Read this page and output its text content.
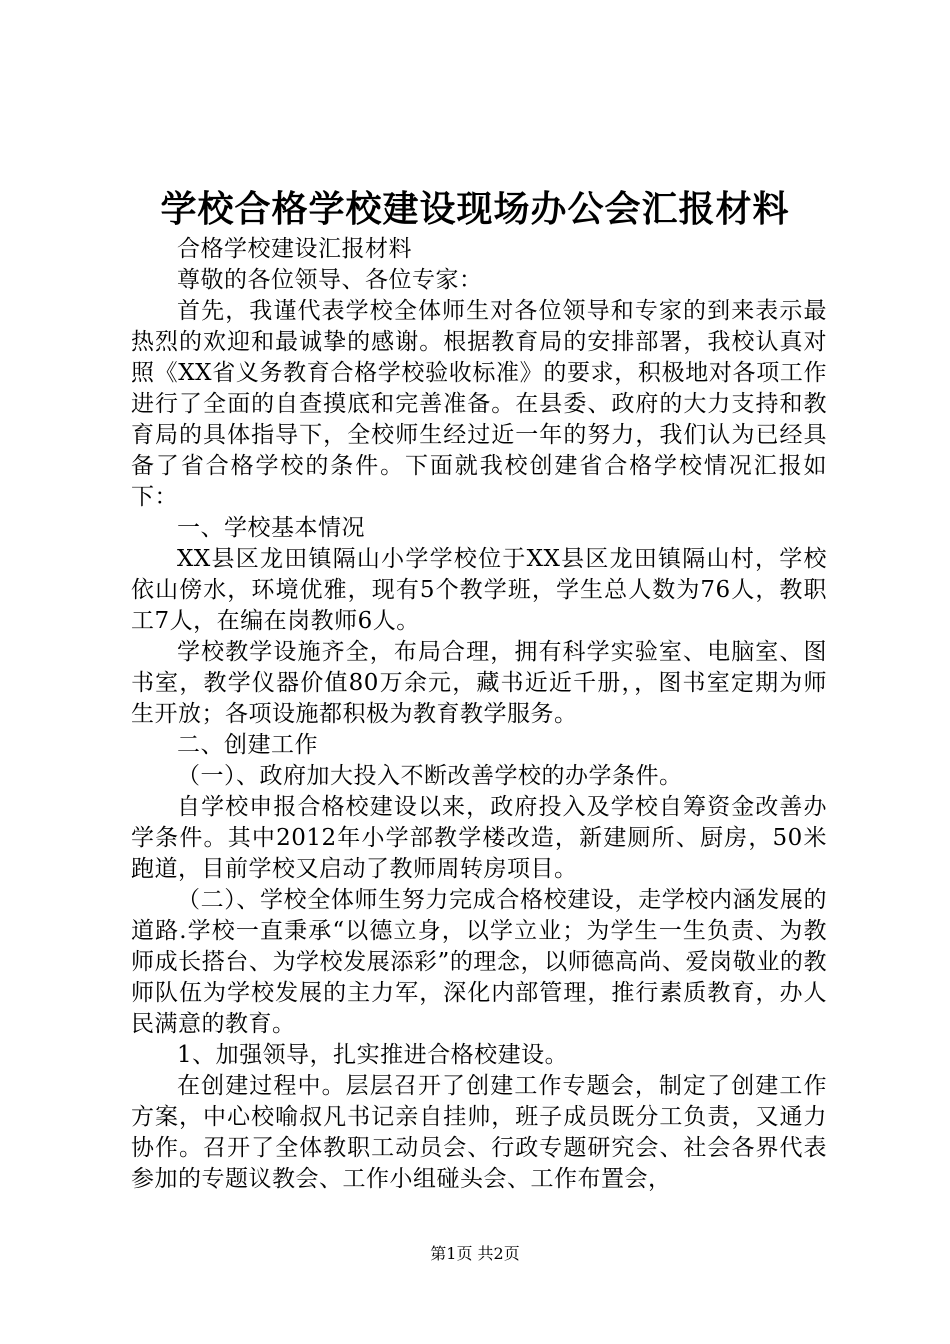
学校合格学校建设现场办公会汇报材料

合格学校建设汇报材料

尊敬的各位领导、各位专家：

首先，我谨代表学校全体师生对各位领导和专家的到来表示最热烈的欢迎和最诚挚的感谢。根据教育局的安排部署，我校认真对照《XX省义务教育合格学校验收标准》的要求，积极地对各项工作进行了全面的自查摸底和完善准备。在县委、政府的大力支持和教育局的具体指导下，全校师生经过近一年的努力，我们认为已经具备了省合格学校的条件。下面就我校创建省合格学校情况汇报如下：

一、学校基本情况

XX县区龙田镇隔山小学学校位于XX县区龙田镇隔山村，学校依山傍水，环境优雅，现有5个教学班，学生总人数为76人，教职工7人，在编在岗教师6人。

学校教学设施齐全，布局合理，拥有科学实验室、电脑室、图书室，教学仪器价值80万余元，藏书近近千册，，图书室定期为师生开放；各项设施都积极为教育教学服务。

二、创建工作

（一）、政府加大投入不断改善学校的办学条件。

自学校申报合格校建设以来，政府投入及学校自筹资金改善办学条件。其中2012年小学部教学楼改造，新建厕所、厨房，50米跑道，目前学校又启动了教师周转房项目。

（二）、学校全体师生努力完成合格校建设，走学校内涵发展的道路.学校一直秉承“以德立身，以学立业；为学生一生负责、为教师成长搭台、为学校发展添彩”的理念，以师德高尚、爱岗敬业的教师队伍为学校发展的主力军，深化内部管理，推行素质教育，办人民满意的教育。

1、加强领导，扎实推进合格校建设。

在创建过程中。层层召开了创建工作专题会，制定了创建工作方案，中心校喻叔凡书记亲自挂帅，班子成员既分工负责，又通力协作。召开了全体教职工动员会、行政专题研究会、社会各界代表参加的专题议教会、工作小组碰头会、工作布置会，

第1页 共2页
